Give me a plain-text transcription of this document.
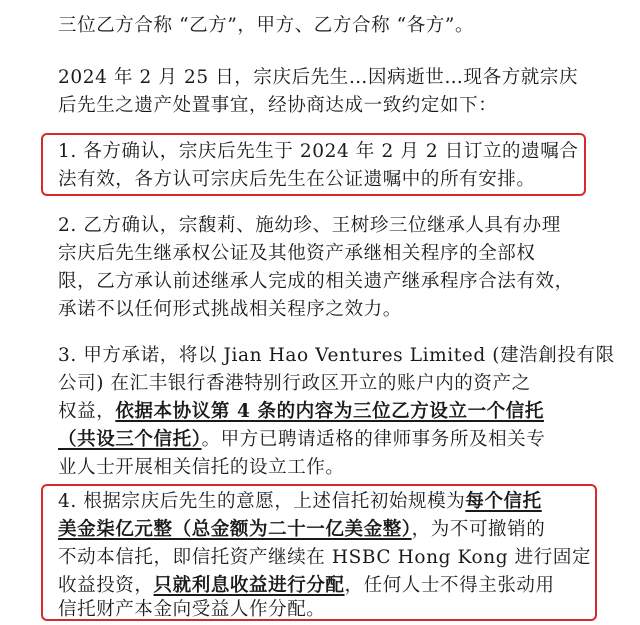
三位乙方合称 “乙方”，甲方、乙方合称 “各方”。
2024 年 2 月 25 日，宗庆后先生…因病逝世…现各方就宗庆
后先生之遗产处置事宜，经协商达成一致约定如下：
1. 各方确认，宗庆后先生于 2024 年 2 月 2 日订立的遗嘱合
法有效，各方认可宗庆后先生在公证遗嘱中的所有安排。
2. 乙方确认，宗馥莉、施幼珍、王树珍三位继承人具有办理
宗庆后先生继承权公证及其他资产承继相关程序的全部权
限，乙方承认前述继承人完成的相关遗产继承程序合法有效，
承诺不以任何形式挑战相关程序之效力。
3. 甲方承诺，将以 Jian Hao Ventures Limited (建浩創投有限
公司) 在汇丰银行香港特别行政区开立的账户内的资产之
权益，依据本协议第 4 条的内容为三位乙方设立一个信托
（共设三个信托）。甲方已聘请适格的律师事务所及相关专
业人士开展相关信托的设立工作。
4. 根据宗庆后先生的意愿，上述信托初始规模为每个信托
美金柒亿元整（总金额为二十一亿美金整），为不可撤销的
不动本信托，即信托资产继续在 HSBC Hong Kong 进行固定
收益投资，只就利息收益进行分配，任何人士不得主张动用
信托财产本金向受益人作分配。
